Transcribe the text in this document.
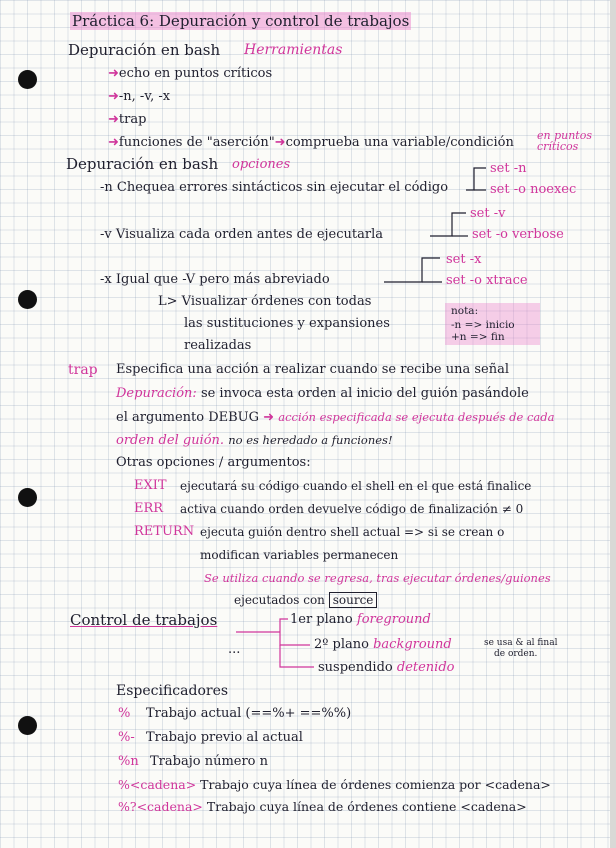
Práctica 6: Depuración y control de trabajos
Depuración en bash Herramientas
➜echo en puntos críticos
➜-n, -v, -x
➜trap
➜funciones de "aserción"➜comprueba una variable/condición en puntos
críticos
Depuración en bash opciones
-n Chequea errores sintácticos sin ejecutar el código
set -n
set -o noexec
-v Visualiza cada orden antes de ejecutarla
set -v
set -o verbose
-x Igual que -V pero más abreviado
set -x
set -o xtrace
L> Visualizar órdenes con todas
las sustituciones y expansiones
realizadas
nota:
-n => inicio
+n => fin
trap Especifica una acción a realizar cuando se recibe una señal
Depuración: se invoca esta orden al inicio del guión pasándole
el argumento DEBUG ➜ acción especificada se ejecuta después de cada
orden del guión. no es heredado a funciones!
Otras opciones / argumentos:
EXIT ejecutará su código cuando el shell en el que está finalice
ERR activa cuando orden devuelve código de finalización ≠ 0
RETURN ejecuta guión dentro shell actual => si se crean o
modifican variables permanecen
Se utiliza cuando se regresa, tras ejecutar órdenes/guiones
ejecutados con source
Control de trabajos
...
1er plano foreground
2º plano background
suspendido detenido
se usa & al final
de orden.
Especificadores
% Trabajo actual (==%+ ==%%)
%- Trabajo previo al actual
%n Trabajo número n
%<cadena> Trabajo cuya línea de órdenes comienza por <cadena>
%?<cadena> Trabajo cuya línea de órdenes contiene <cadena>
